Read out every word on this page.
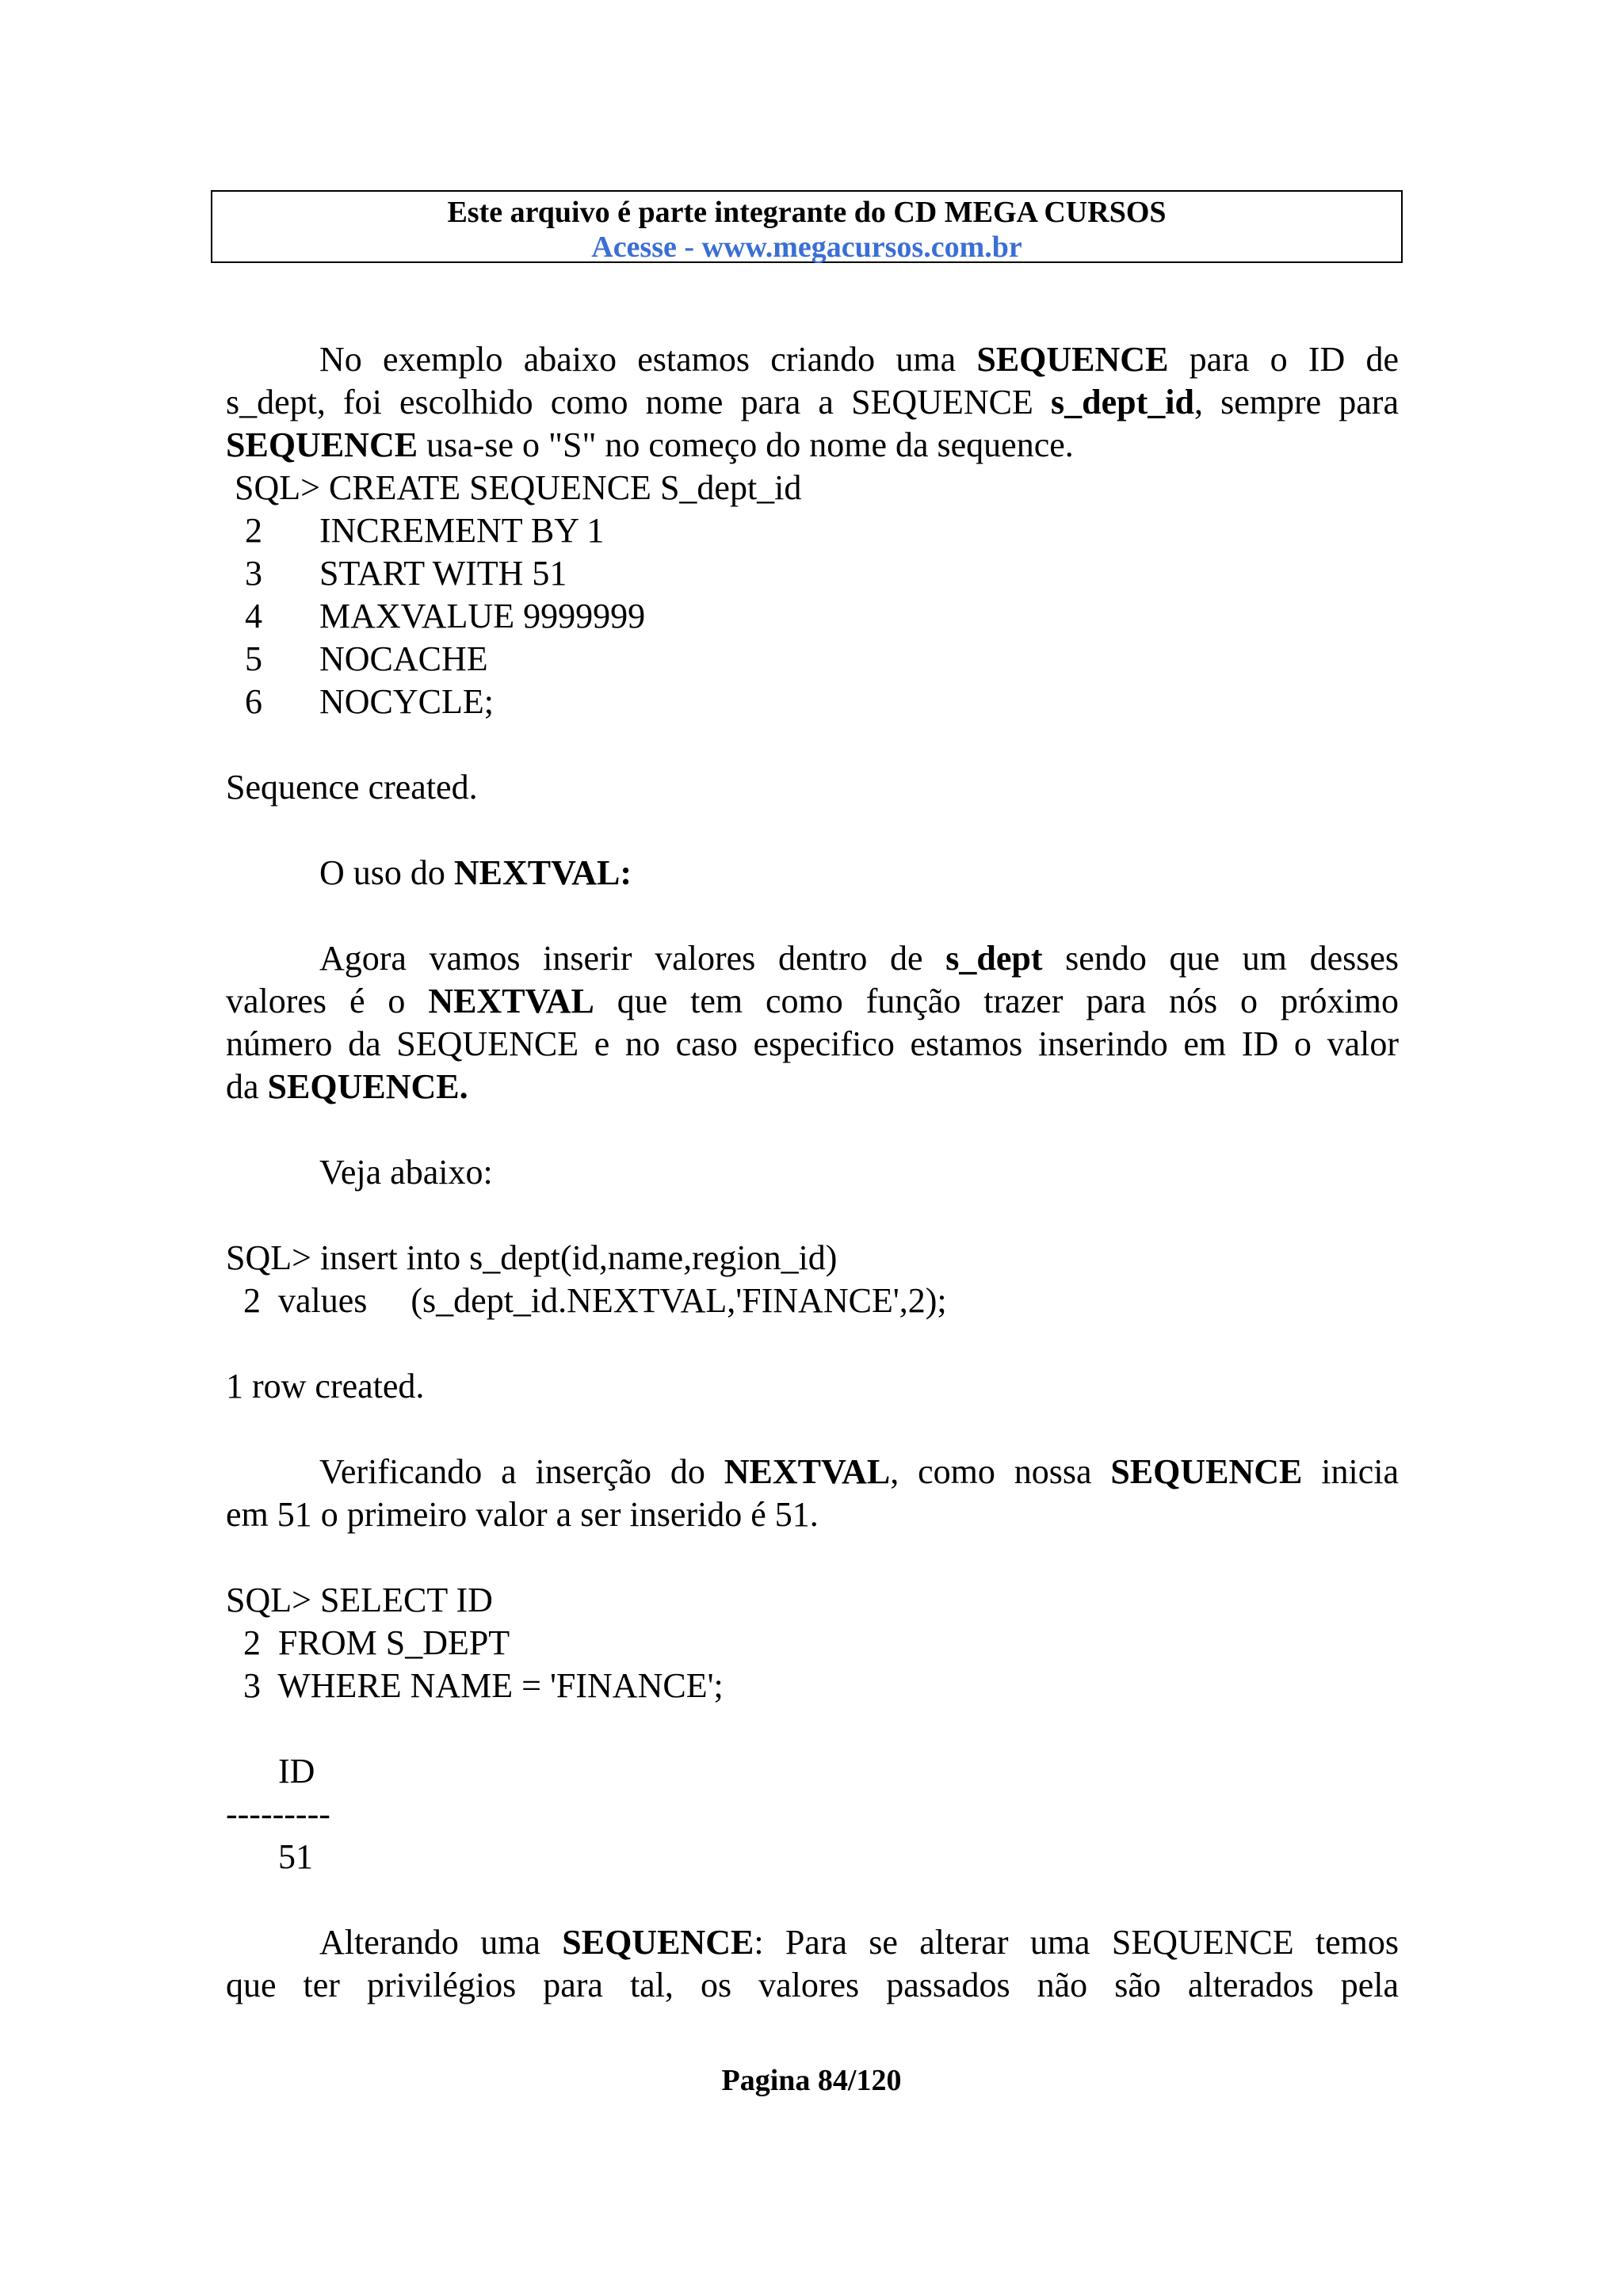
Este arquivo é parte integrante do CD MEGA CURSOS
Acesse - www.megacursos.com.br
No exemplo abaixo estamos criando uma SEQUENCE para o ID de
s_dept, foi escolhido como nome para a SEQUENCE s_dept_id, sempre para
SEQUENCE usa-se o "S" no começo do nome da sequence.
SQL> CREATE SEQUENCE S_dept_id
2 INCREMENT BY 1
3 START WITH 51
4 MAXVALUE 9999999
5 NOCACHE
6 NOCYCLE;
Sequence created.
O uso do NEXTVAL:
Agora vamos inserir valores dentro de s_dept sendo que um desses
valores é o NEXTVAL que tem como função trazer para nós o próximo
número da SEQUENCE e no caso especifico estamos inserindo em ID o valor
da SEQUENCE.
Veja abaixo:
SQL> insert into s_dept(id,name,region_id)
2  values     (s_dept_id.NEXTVAL,'FINANCE',2);
1 row created.
Verificando a inserção do NEXTVAL, como nossa SEQUENCE inicia
em 51 o primeiro valor a ser inserido é 51.
SQL> SELECT ID
2  FROM S_DEPT
3  WHERE NAME = 'FINANCE';
ID
---------
51
Alterando uma SEQUENCE: Para se alterar uma SEQUENCE temos
que ter privilégios para tal, os valores passados não são alterados pela
Pagina 84/120
